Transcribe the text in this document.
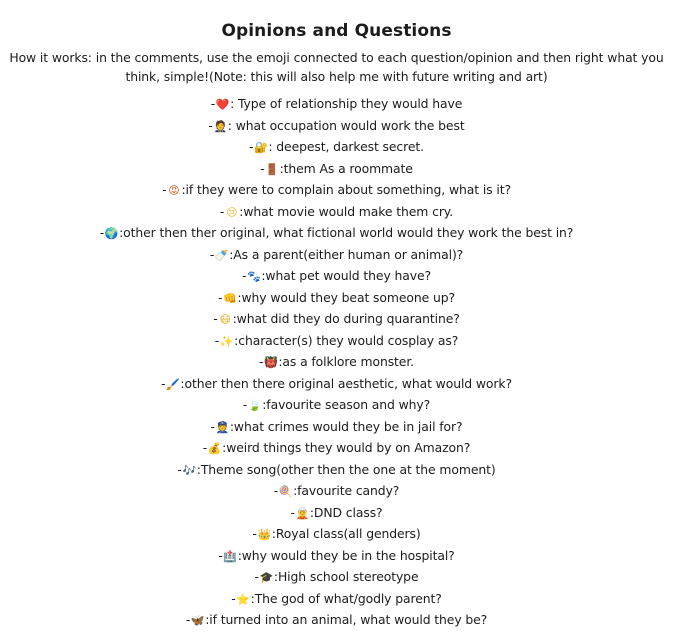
Opinions and Questions

How it works: in the comments, use the emoji connected to each question/opinion and then right what you think, simple!(Note: this will also help me with future writing and art)

-❤️: Type of relationship they would have
-🤵: what occupation would work the best
-🔐: deepest, darkest secret.
-🚪:them As a roommate
- 😡 :if they were to complain about something, what is it?
- 😢 :what movie would make them cry.
-🌍:other then ther original, what fictional world would they work the best in?
-🍼:As a parent(either human or animal)?
-🐾:what pet would they have?
-👊:why would they beat someone up?
- 😷 :what did they do during quarantine?
-✨:character(s) they would cosplay as?
-👹:as a folklore monster.
-🖌️:other then there original aesthetic, what would work?
-🍃:favourite season and why?
-👮:what crimes would they be in jail for?
-💰:weird things they would by on Amazon?
-🎶:Theme song(other then the one at the moment)
-🍭:favourite candy?
-🧝:DND class?
-👑:Royal class(all genders)
-🏥:why would they be in the hospital?
-🎓:High school stereotype
-⭐:The god of what/godly parent?
-🦋:if turned into an animal, what would they be?
